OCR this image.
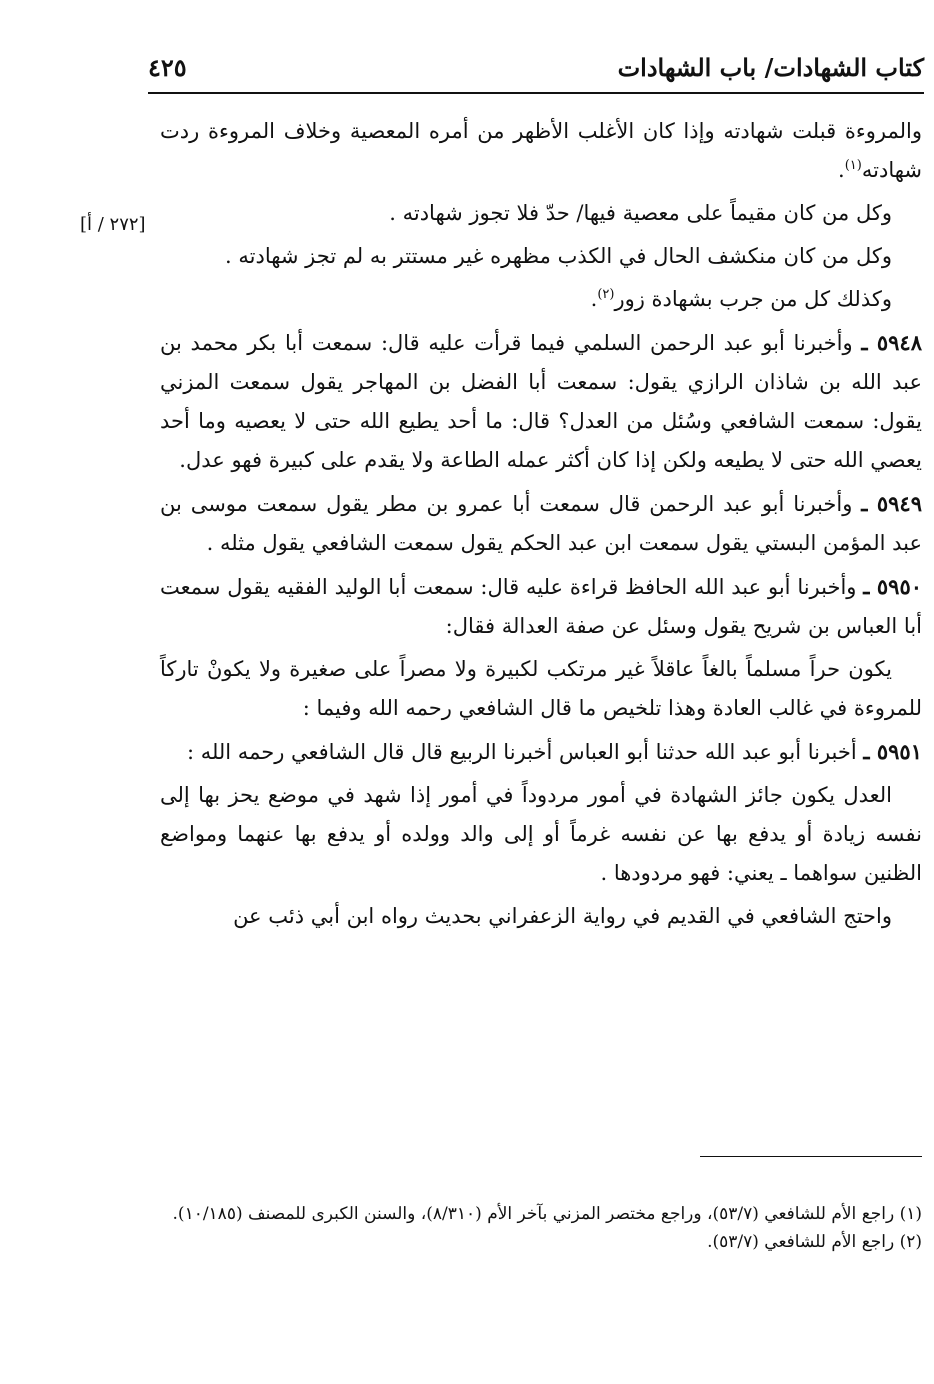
كتاب الشهادات/ باب الشهادات
٤٢٥
[٢٧٢ / أ]

والمروءة قبلت شهادته وإذا كان الأغلب الأظهر من أمره المعصية وخلاف المروءة ردت شهادته$^{(١)}$.

وكل من كان مقيماً على معصية فيها/ حدّ فلا تجوز شهادته .

وكل من كان منكشف الحال في الكذب مظهره غير مستتر به لم تجز شهادته .

وكذلك كل من جرب بشهادة زور$^{(٢)}$.

٥٩٤٨ ـ وأخبرنا أبو عبد الرحمن السلمي فيما قرأت عليه قال: سمعت أبا بكر محمد بن عبد الله بن شاذان الرازي يقول: سمعت أبا الفضل بن المهاجر يقول سمعت المزني يقول: سمعت الشافعي وسُئل من العدل؟ قال: ما أحد يطيع الله حتى لا يعصيه وما أحد يعصي الله حتى لا يطيعه ولكن إذا كان أكثر عمله الطاعة ولا يقدم على كبيرة فهو عدل.

٥٩٤٩ ـ وأخبرنا أبو عبد الرحمن قال سمعت أبا عمرو بن مطر يقول سمعت موسى بن عبد المؤمن البستي يقول سمعت ابن عبد الحكم يقول سمعت الشافعي يقول مثله .

٥٩٥٠ ـ وأخبرنا أبو عبد الله الحافظ قراءة عليه قال: سمعت أبا الوليد الفقيه يقول سمعت أبا العباس بن شريح يقول وسئل عن صفة العدالة فقال:

يكون حراً مسلماً بالغاً عاقلاً غير مرتكب لكبيرة ولا مصراً على صغيرة ولا يكونْ تاركاً للمروءة في غالب العادة وهذا تلخيص ما قال الشافعي رحمه الله وفيما :

٥٩٥١ ـ أخبرنا أبو عبد الله حدثنا أبو العباس أخبرنا الربيع قال قال الشافعي رحمه الله :

العدل يكون جائز الشهادة في أمور مردوداً في أمور إذا شهد في موضع يحز بها إلى نفسه زيادة أو يدفع بها عن نفسه غرماً أو إلى والد وولده أو يدفع بها عنهما ومواضع الظنين سواهما ـ يعني: فهو مردودها .

واحتج الشافعي في القديم في رواية الزعفراني بحديث رواه ابن أبي ذئب عن

(١) راجع الأم للشافعي (٥٣/٧)، وراجع مختصر المزني بآخر الأم (٨/٣١٠)، والسنن الكبرى للمصنف (١٠/١٨٥).

(٢) راجع الأم للشافعي (٥٣/٧).
